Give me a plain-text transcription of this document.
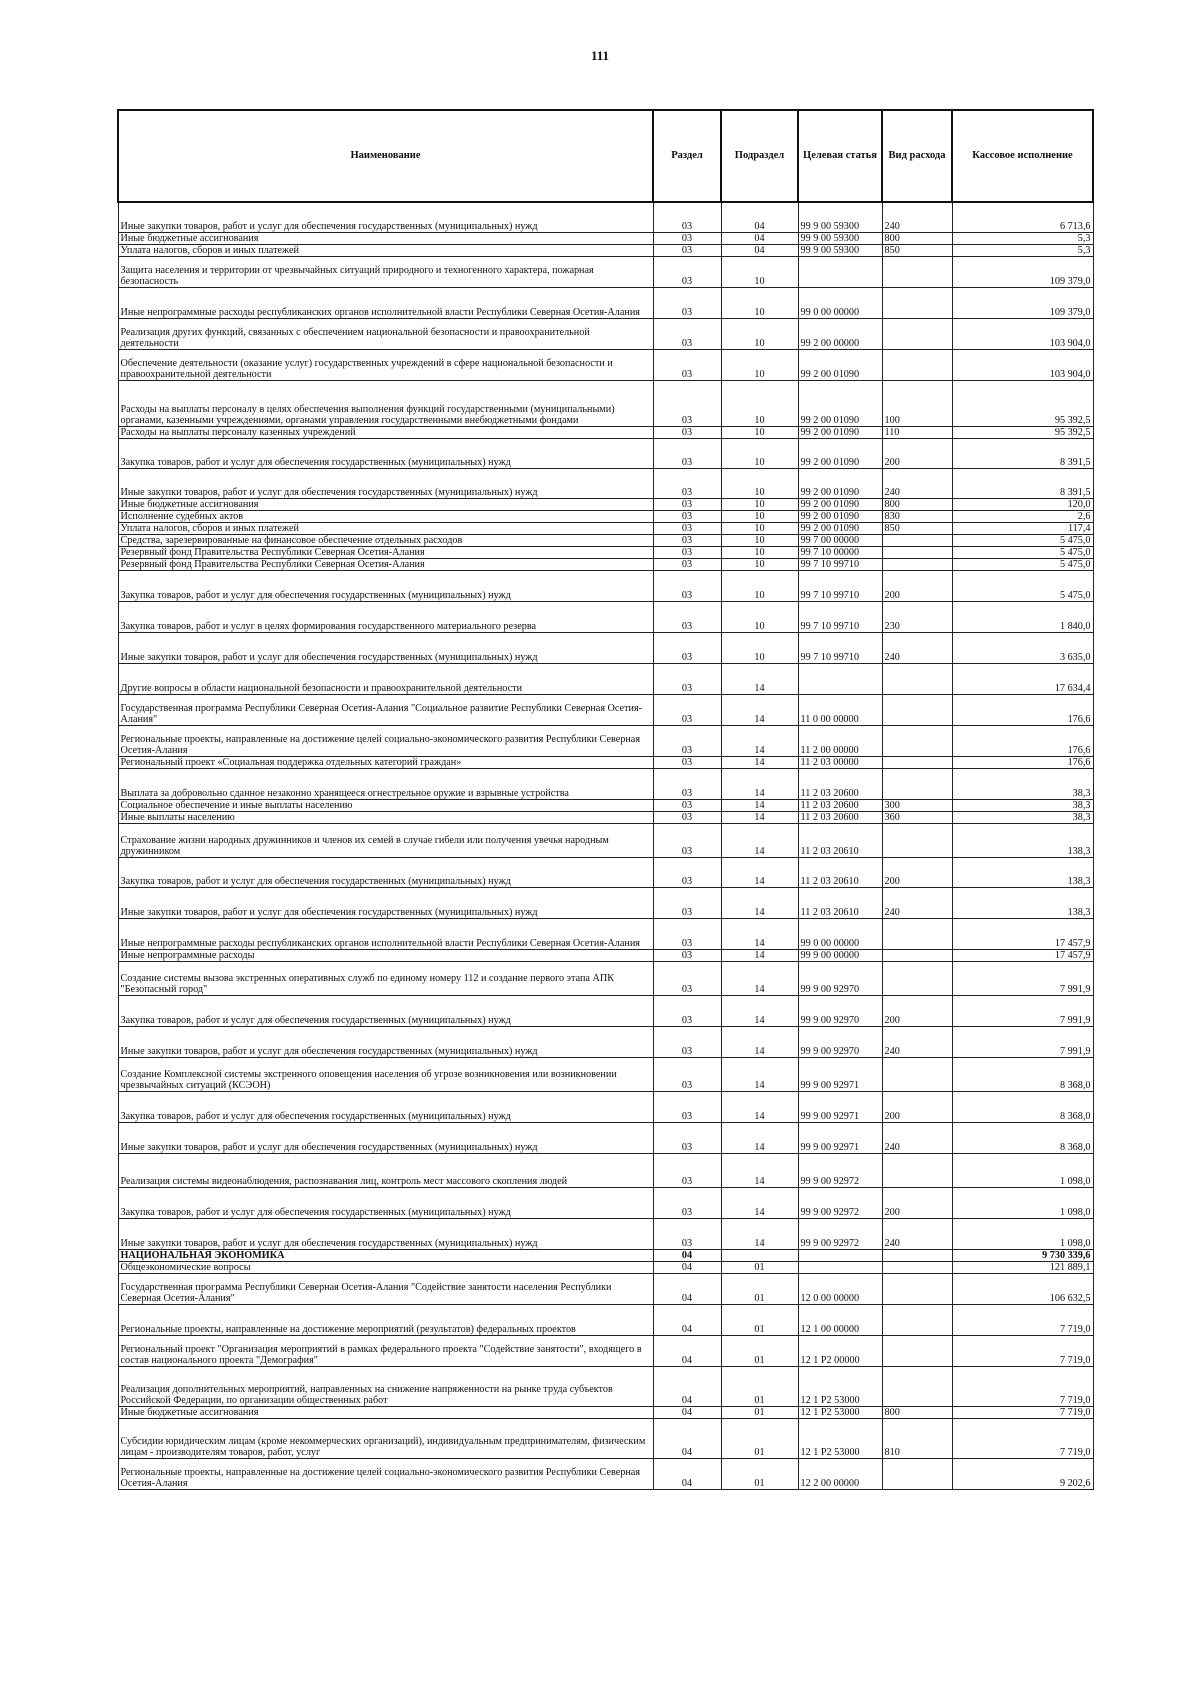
111
Наименование	Раздел	Подраздел	Целевая статья	Вид расхода	Кассовое исполнение
Иные закупки товаров, работ и услуг для обеспечения государственных (муниципальных) нужд	03	04	99 9 00 59300	240	6 713,6
Иные бюджетные ассигнования	03	04	99 9 00 59300	800	5,3
Уплата налогов, сборов и иных платежей	03	04	99 9 00 59300	850	5,3
Защита населения и территории от чрезвычайных ситуаций природного и техногенного характера, пожарная безопасность	03	10			109 379,0
Иные непрограммные расходы республиканских органов исполнительной власти Республики Северная Осетия-Алания	03	10	99 0 00 00000		109 379,0
Реализация других функций, связанных с обеспечением национальной безопасности и правоохранительной деятельности	03	10	99 2 00 00000		103 904,0
Обеспечение деятельности (оказание услуг) государственных учреждений в сфере национальной безопасности и правоохранительной деятельности	03	10	99 2 00 01090		103 904,0
Расходы на выплаты персоналу в целях обеспечения выполнения функций государственными (муниципальными) органами, казенными учреждениями, органами управления государственными внебюджетными фондами	03	10	99 2 00 01090	100	95 392,5
Расходы на выплаты персоналу казенных учреждений	03	10	99 2 00 01090	110	95 392,5
Закупка товаров, работ и услуг для обеспечения государственных (муниципальных) нужд	03	10	99 2 00 01090	200	8 391,5
Иные закупки товаров, работ и услуг для обеспечения государственных (муниципальных) нужд	03	10	99 2 00 01090	240	8 391,5
Иные бюджетные ассигнования	03	10	99 2 00 01090	800	120,0
Исполнение судебных актов	03	10	99 2 00 01090	830	2,6
Уплата налогов, сборов и иных платежей	03	10	99 2 00 01090	850	117,4
Средства, зарезервированные на финансовое обеспечение отдельных расходов	03	10	99 7 00 00000		5 475,0
Резервный фонд Правительства Республики Северная Осетия-Алания	03	10	99 7 10 00000		5 475,0
Резервный фонд Правительства Республики Северная Осетия-Алания	03	10	99 7 10 99710		5 475,0
Закупка товаров, работ и услуг для обеспечения государственных (муниципальных) нужд	03	10	99 7 10 99710	200	5 475,0
Закупка товаров, работ и услуг в целях формирования государственного материального резерва	03	10	99 7 10 99710	230	1 840,0
Иные закупки товаров, работ и услуг для обеспечения государственных (муниципальных) нужд	03	10	99 7 10 99710	240	3 635,0
Другие вопросы в области национальной безопасности и правоохранительной деятельности	03	14			17 634,4
Государственная программа Республики Северная Осетия-Алания "Социальное развитие Республики Северная Осетия-Алания"	03	14	11 0 00 00000		176,6
Региональные проекты, направленные на достижение целей социально-экономического развития Республики Северная Осетия-Алания	03	14	11 2 00 00000		176,6
Региональный проект «Социальная поддержка отдельных категорий граждан»	03	14	11 2 03 00000		176,6
Выплата за добровольно сданное незаконно хранящееся огнестрельное оружие и взрывные устройства	03	14	11 2 03 20600		38,3
Социальное обеспечение и иные выплаты населению	03	14	11 2 03 20600	300	38,3
Иные выплаты населению	03	14	11 2 03 20600	360	38,3
Страхование жизни народных дружинников и членов их семей в случае гибели или получения увечья народным дружинником	03	14	11 2 03 20610		138,3
Закупка товаров, работ и услуг для обеспечения государственных (муниципальных) нужд	03	14	11 2 03 20610	200	138,3
Иные закупки товаров, работ и услуг для обеспечения государственных (муниципальных) нужд	03	14	11 2 03 20610	240	138,3
Иные непрограммные расходы республиканских органов исполнительной власти Республики Северная Осетия-Алания	03	14	99 0 00 00000		17 457,9
Иные непрограммные расходы	03	14	99 9 00 00000		17 457,9
Создание системы вызова экстренных оперативных служб по единому номеру 112 и создание первого этапа АПК "Безопасный город"	03	14	99 9 00 92970		7 991,9
Закупка товаров, работ и услуг для обеспечения государственных (муниципальных) нужд	03	14	99 9 00 92970	200	7 991,9
Иные закупки товаров, работ и услуг для обеспечения государственных (муниципальных) нужд	03	14	99 9 00 92970	240	7 991,9
Создание Комплексной системы экстренного оповещения населения об угрозе возникновения или возникновении чрезвычайных ситуаций (КСЭОН)	03	14	99 9 00 92971		8 368,0
Закупка товаров, работ и услуг для обеспечения государственных (муниципальных) нужд	03	14	99 9 00 92971	200	8 368,0
Иные закупки товаров, работ и услуг для обеспечения государственных (муниципальных) нужд	03	14	99 9 00 92971	240	8 368,0
Реализация системы видеонаблюдения, распознавания лиц, контроль мест массового скопления людей	03	14	99 9 00 92972		1 098,0
Закупка товаров, работ и услуг для обеспечения государственных (муниципальных) нужд	03	14	99 9 00 92972	200	1 098,0
Иные закупки товаров, работ и услуг для обеспечения государственных (муниципальных) нужд	03	14	99 9 00 92972	240	1 098,0
НАЦИОНАЛЬНАЯ ЭКОНОМИКА	04				9 730 339,6
Общеэкономические вопросы	04	01			121 889,1
Государственная программа Республики Северная Осетия-Алания "Содействие занятости населения Республики Северная Осетия-Алания"	04	01	12 0 00 00000		106 632,5
Региональные проекты, направленные на достижение мероприятий (результатов) федеральных проектов	04	01	12 1 00 00000		7 719,0
Региональный проект "Организация мероприятий в рамках федерального проекта "Содействие занятости", входящего в состав национального проекта "Демография"	04	01	12 1 P2 00000		7 719,0
Реализация дополнительных мероприятий, направленных на снижение напряженности на рынке труда субъектов Российской Федерации, по организации общественных работ	04	01	12 1 P2 53000		7 719,0
Иные бюджетные ассигнования	04	01	12 1 P2 53000	800	7 719,0
Субсидии юридическим лицам (кроме некоммерческих организаций), индивидуальным предпринимателям, физическим лицам - производителям товаров, работ, услуг	04	01	12 1 P2 53000	810	7 719,0
Региональные проекты, направленные на достижение целей социально-экономического развития Республики Северная Осетия-Алания	04	01	12 2 00 00000		9 202,6
